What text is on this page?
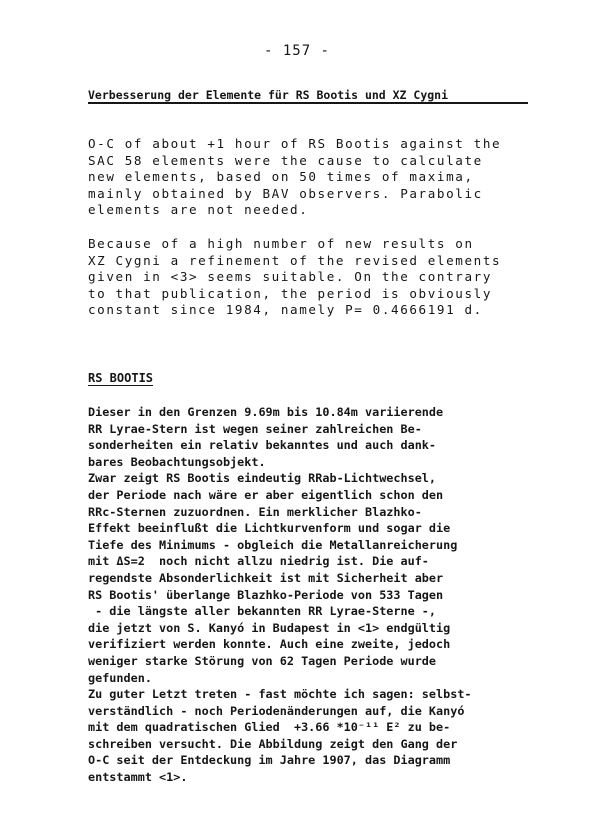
- 157 -
Verbesserung der Elemente für RS Bootis und XZ Cygni

O-C of about +1 hour of RS Bootis against the

SAC 58 elements were the cause to calculate

new elements, based on 50 times of maxima,

mainly obtained by BAV observers. Parabolic

elements are not needed.

Because of a high number of new results on

XZ Cygni a refinement of the revised elements

given in <3> seems suitable. On the contrary

to that publication, the period is obviously

constant since 1984, namely P= 0.4666191 d.

RS BOOTIS

Dieser in den Grenzen 9.69m bis 10.84m variierende

RR Lyrae-Stern ist wegen seiner zahlreichen Be-

sonderheiten ein relativ bekanntes und auch dank-

bares Beobachtungsobjekt.

Zwar zeigt RS Bootis eindeutig RRab-Lichtwechsel,

der Periode nach wäre er aber eigentlich schon den

RRc-Sternen zuzuordnen. Ein merklicher Blazhko-

Effekt beeinflußt die Lichtkurvenform und sogar die

Tiefe des Minimums - obgleich die Metallanreicherung

mit ΔS=2  noch nicht allzu niedrig ist. Die auf-

regendste Absonderlichkeit ist mit Sicherheit aber

RS Bootis' überlange Blazhko-Periode von 533 Tagen

- die längste aller bekannten RR Lyrae-Sterne -,

die jetzt von S. Kanyó in Budapest in <1> endgültig

verifiziert werden konnte. Auch eine zweite, jedoch

weniger starke Störung von 62 Tagen Periode wurde

gefunden.

Zu guter Letzt treten - fast möchte ich sagen: selbst-

verständlich - noch Periodenänderungen auf, die Kanyó

mit dem quadratischen Glied  +3.66 *10⁻¹¹ E² zu be-

schreiben versucht. Die Abbildung zeigt den Gang der

O-C seit der Entdeckung im Jahre 1907, das Diagramm

entstammt <1>.
